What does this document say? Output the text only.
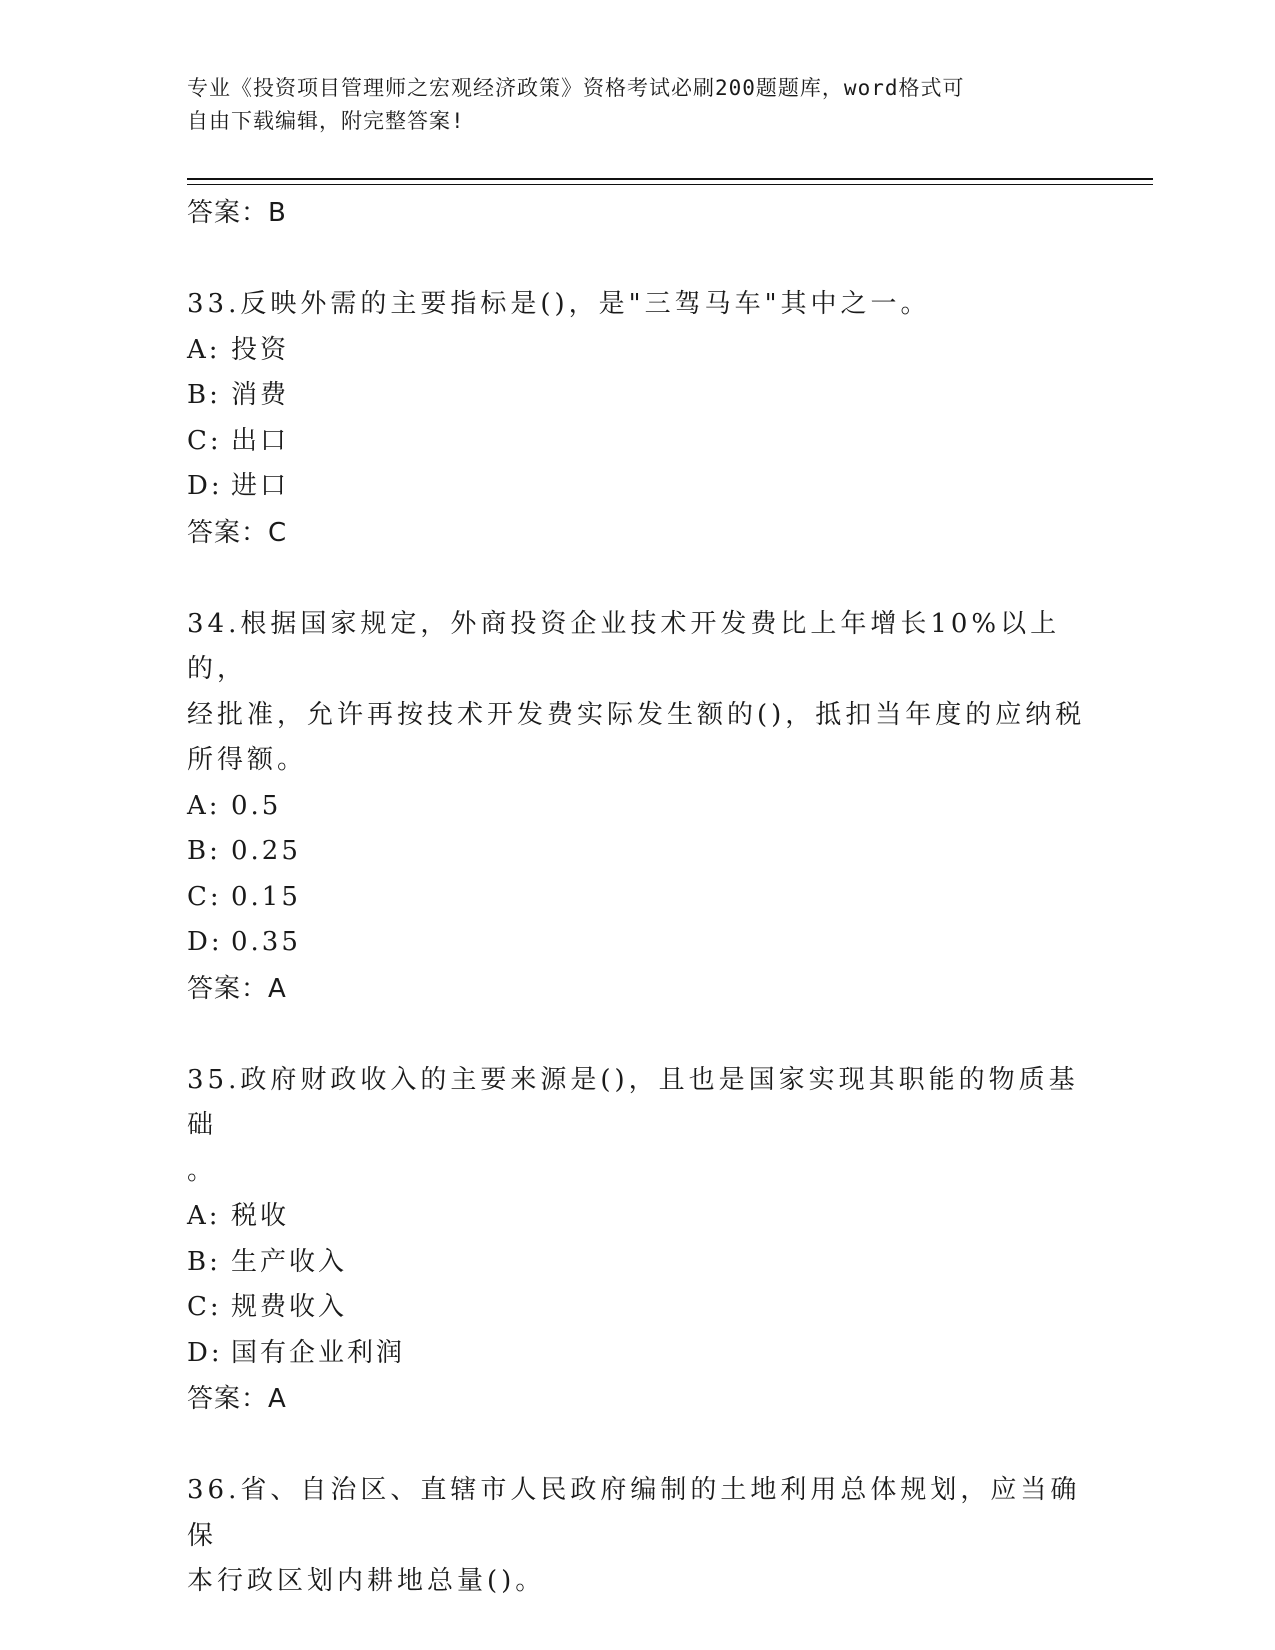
专业《投资项目管理师之宏观经济政策》资格考试必刷200题题库，word格式可
自由下载编辑，附完整答案!
答案：B
33.反映外需的主要指标是()，是"三驾马车"其中之一。
A: 投资
B: 消费
C: 出口
D: 进口
答案：C
34.根据国家规定，外商投资企业技术开发费比上年增长10%以上的，
经批准，允许再按技术开发费实际发生额的()，抵扣当年度的应纳税
所得额。
A: 0.5
B: 0.25
C: 0.15
D: 0.35
答案：A
35.政府财政收入的主要来源是()，且也是国家实现其职能的物质基础
。
A: 税收
B: 生产收入
C: 规费收入
D: 国有企业利润
答案：A
36.省、自治区、直辖市人民政府编制的土地利用总体规划，应当确保
本行政区划内耕地总量()。
